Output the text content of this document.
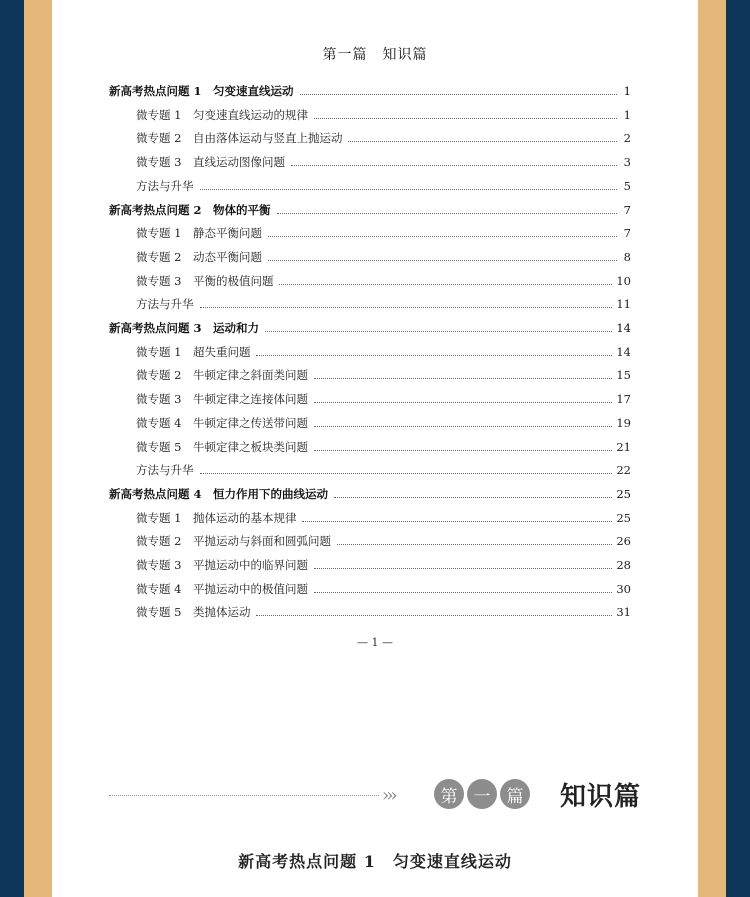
第一篇　知识篇
新高考热点问题 1　匀变速直线运动	1
微专题 1　匀变速直线运动的规律	1
微专题 2　自由落体运动与竖直上抛运动	2
微专题 3　直线运动图像问题	3
方法与升华	5
新高考热点问题 2　物体的平衡	7
微专题 1　静态平衡问题	7
微专题 2　动态平衡问题	8
微专题 3　平衡的极值问题	10
方法与升华	11
新高考热点问题 3　运动和力	14
微专题 1　超失重问题	14
微专题 2　牛顿定律之斜面类问题	15
微专题 3　牛顿定律之连接体问题	17
微专题 4　牛顿定律之传送带问题	19
微专题 5　牛顿定律之板块类问题	21
方法与升华	22
新高考热点问题 4　恒力作用下的曲线运动	25
微专题 1　抛体运动的基本规律	25
微专题 2　平抛运动与斜面和圆弧问题	26
微专题 3　平抛运动中的临界问题	28
微专题 4　平抛运动中的极值问题	30
微专题 5　类抛体运动	31
— 1 —
›››	第 一 篇 知识篇
新高考热点问题 1　匀变速直线运动
